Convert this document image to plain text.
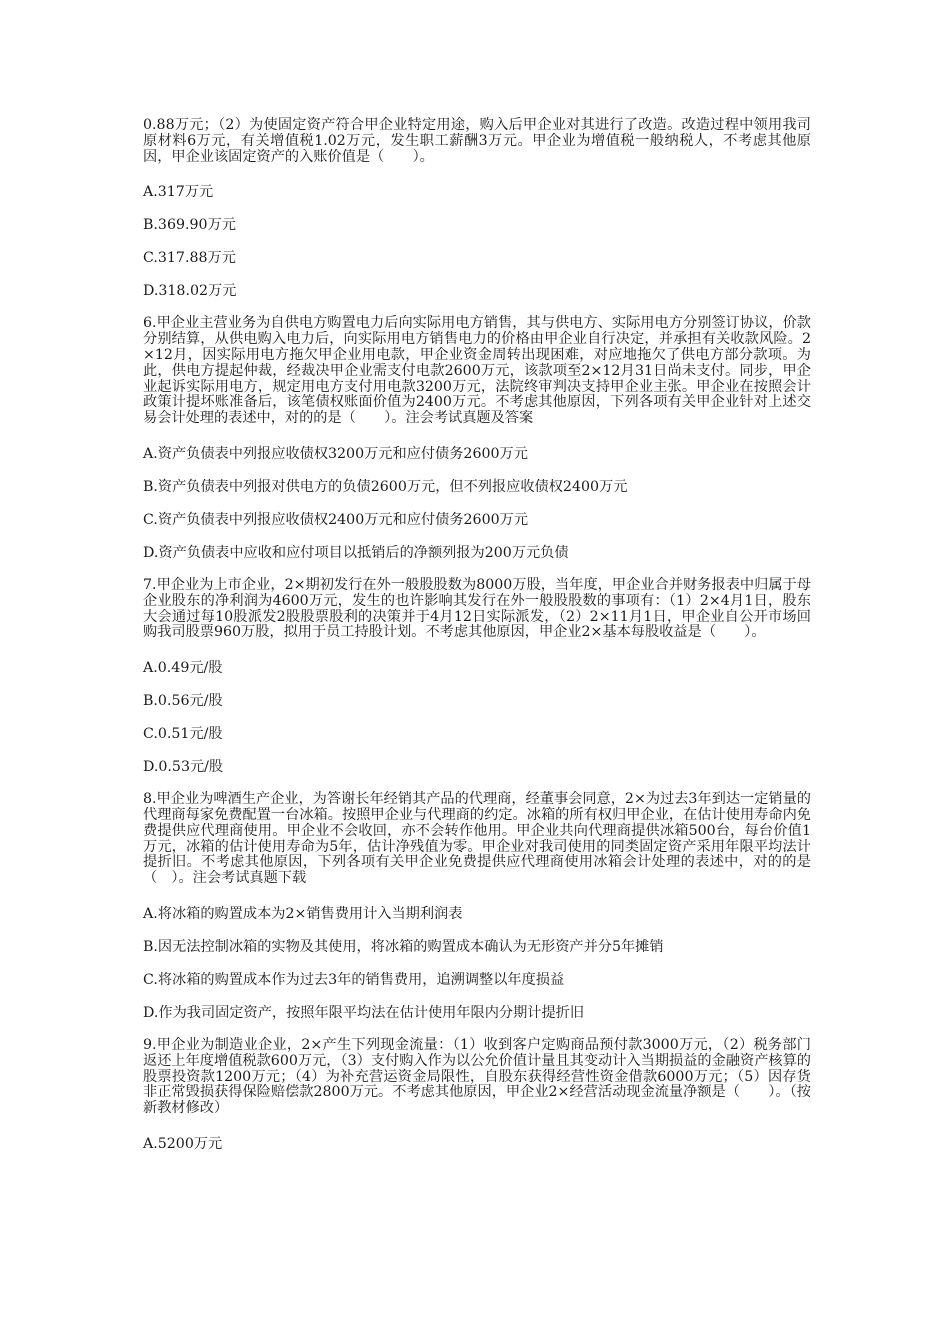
0.88万元；（2）为使固定资产符合甲企业特定用途，购入后甲企业对其进行了改造。改造过程中领用我司原材料6万元，有关增值税1.02万元，发生职工薪酬3万元。甲企业为增值税一般纳税人，不考虑其他原因，甲企业该固定资产的入账价值是（　　）。

A.317万元

B.369.90万元

C.317.88万元

D.318.02万元

6.甲企业主营业务为自供电方购置电力后向实际用电方销售，其与供电方、实际用电方分别签订协议，价款分别结算，从供电购入电力后，向实际用电方销售电力的价格由甲企业自行决定，并承担有关收款风险。2×12月，因实际用电方拖欠甲企业用电款，甲企业资金周转出现困难，对应地拖欠了供电方部分款项。为此，供电方提起仲裁，经裁决甲企业需支付电款2600万元，该款项至2×12月31日尚未支付。同步，甲企业起诉实际用电方，规定用电方支付用电款3200万元，法院终审判决支持甲企业主张。甲企业在按照会计政策计提坏账准备后，该笔债权账面价值为2400万元。不考虑其他原因，下列各项有关甲企业针对上述交易会计处理的表述中，对的的是（　　）。注会考试真题及答案

A.资产负债表中列报应收债权3200万元和应付债务2600万元

B.资产负债表中列报对供电方的负债2600万元，但不列报应收债权2400万元

C.资产负债表中列报应收债权2400万元和应付债务2600万元

D.资产负债表中应收和应付项目以抵销后的净额列报为200万元负债

7.甲企业为上市企业，2×期初发行在外一般股股数为8000万股，当年度，甲企业合并财务报表中归属于母企业股东的净利润为4600万元，发生的也许影响其发行在外一般股股数的事项有：（1）2×4月1日，股东大会通过每10股派发2股股票股利的决策并于4月12日实际派发，（2）2×11月1日，甲企业自公开市场回购我司股票960万股，拟用于员工持股计划。不考虑其他原因，甲企业2×基本每股收益是（　　）。

A.0.49元/股

B.0.56元/股

C.0.51元/股

D.0.53元/股

8.甲企业为啤酒生产企业，为答谢长年经销其产品的代理商，经董事会同意，2×为过去3年到达一定销量的代理商每家免费配置一台冰箱。按照甲企业与代理商的约定。冰箱的所有权归甲企业，在估计使用寿命内免费提供应代理商使用。甲企业不会收回，亦不会转作他用。甲企业共向代理商提供冰箱500台，每台价值1万元，冰箱的估计使用寿命为5年，估计净残值为零。甲企业对我司使用的同类固定资产采用年限平均法计提折旧。不考虑其他原因，下列各项有关甲企业免费提供应代理商使用冰箱会计处理的表述中，对的的是（　）。注会考试真题下载

A.将冰箱的购置成本为2×销售费用计入当期利润表

B.因无法控制冰箱的实物及其使用，将冰箱的购置成本确认为无形资产并分5年摊销

C.将冰箱的购置成本作为过去3年的销售费用，追溯调整以年度损益

D.作为我司固定资产，按照年限平均法在估计使用年限内分期计提折旧

9.甲企业为制造业企业，2×产生下列现金流量：（1）收到客户定购商品预付款3000万元，（2）税务部门返还上年度增值税款600万元，（3）支付购入作为以公允价值计量且其变动计入当期损益的金融资产核算的股票投资款1200万元；（4）为补充营运资金局限性，自股东获得经营性资金借款6000万元；（5）因存货非正常毁损获得保险赔偿款2800万元。不考虑其他原因，甲企业2×经营活动现金流量净额是（　　）。（按新教材修改）

A.5200万元
